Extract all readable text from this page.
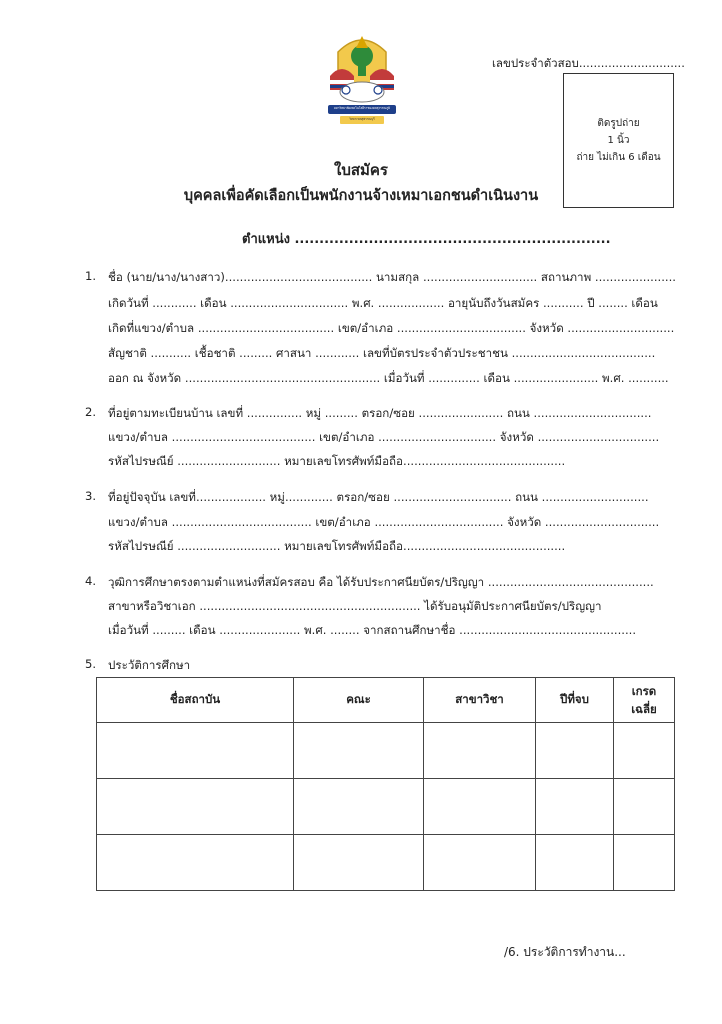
มหาวิทยาลัยเทคโนโลยีราชมงคลสุวรรณภูมิ
วิทยาเขตสุพรรณบุรี
เลขประจำตัวสอบ.............................
ติดรูปถ่าย
1 นิ้ว
ถ่าย ไม่เกิน 6 เดือน
ใบสมัคร
บุคคลเพื่อคัดเลือกเป็นพนักงานจ้างเหมาเอกชนดำเนินงาน
ตำแหน่ง ................................................................
1. ชื่อ (นาย/นาง/นางสาว)........................................ นามสกุล ............................... สถานภาพ ......................
เกิดวันที่ ............ เดือน ................................ พ.ศ. .................. อายุนับถึงวันสมัคร ........... ปี ........ เดือน
เกิดที่แขวง/ตำบล ..................................... เขต/อำเภอ ................................... จังหวัด .............................
สัญชาติ ........... เชื้อชาติ ......... ศาสนา ............ เลขที่บัตรประจำตัวประชาชน .......................................
ออก ณ จังหวัด ..................................................... เมื่อวันที่ .............. เดือน ....................... พ.ศ. ...........
2. ที่อยู่ตามทะเบียนบ้าน เลขที่ ............... หมู่ ......... ตรอก/ซอย ....................... ถนน ................................
แขวง/ตำบล ....................................... เขต/อำเภอ ................................ จังหวัด .................................
รหัสไปรษณีย์ ............................ หมายเลขโทรศัพท์มือถือ............................................
3. ที่อยู่ปัจจุบัน เลขที่................... หมู่............. ตรอก/ซอย ................................ ถนน .............................
แขวง/ตำบล ...................................... เขต/อำเภอ ................................... จังหวัด ...............................
รหัสไปรษณีย์ ............................ หมายเลขโทรศัพท์มือถือ............................................
4. วุฒิการศึกษาตรงตามตำแหน่งที่สมัครสอบ คือ ได้รับประกาศนียบัตร/ปริญญา .............................................
สาขาหรือวิชาเอก ............................................................ ได้รับอนุมัติประกาศนียบัตร/ปริญญา
เมื่อวันที่ ......... เดือน ...................... พ.ศ. ........ จากสถานศึกษาชื่อ ................................................
5. ประวัติการศึกษา
ชื่อสถาบัน	คณะ	สาขาวิชา	ปีที่จบ	เกรด
เฉลี่ย

/6. ประวัติการทำงาน...
